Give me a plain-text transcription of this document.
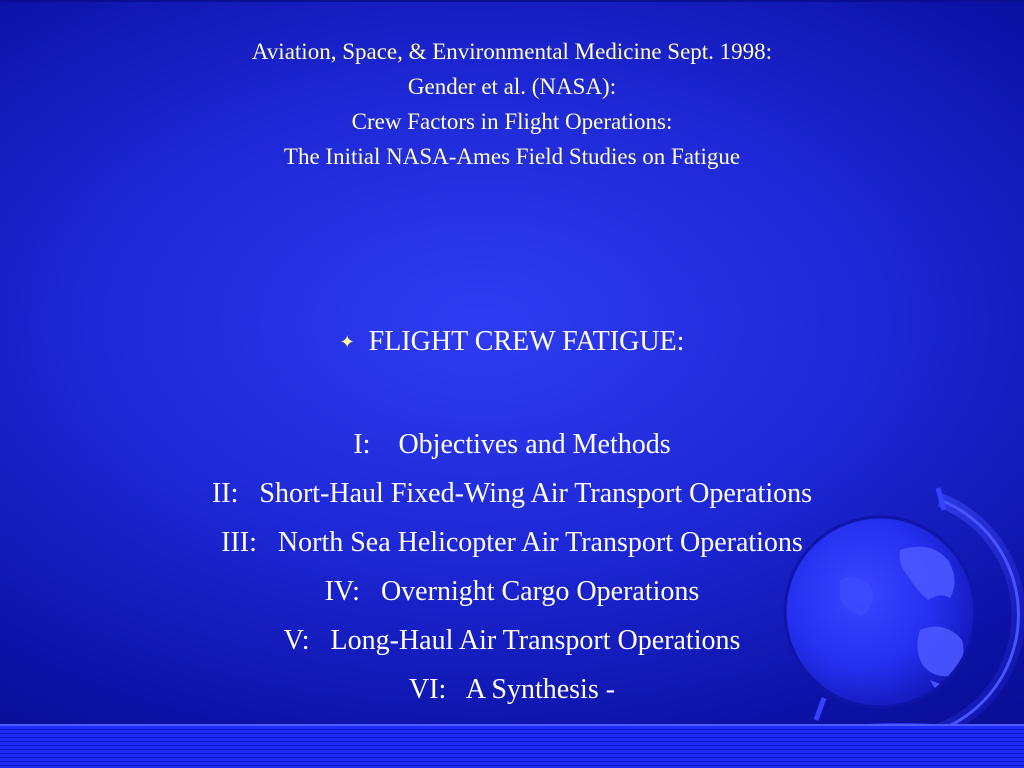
Aviation, Space, & Environmental Medicine Sept. 1998:
Gender et al. (NASA):
Crew Factors in Flight Operations:
The Initial NASA-Ames Field Studies on Fatigue
✦ FLIGHT CREW FATIGUE:
I:    Objectives and Methods
II:   Short-Haul Fixed-Wing Air Transport Operations
III:   North Sea Helicopter Air Transport Operations
IV:   Overnight Cargo Operations
V:   Long-Haul Air Transport Operations
VI:   A Synthesis -
